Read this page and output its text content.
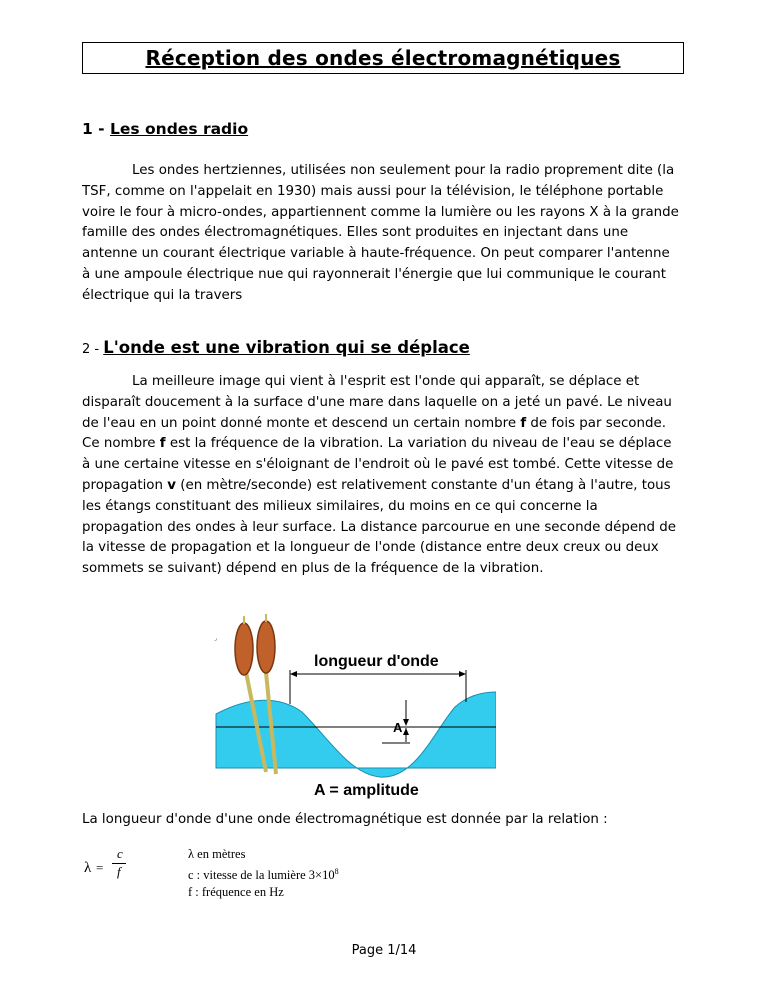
Réception des ondes électromagnétiques
1 - Les ondes radio

Les ondes hertziennes, utilisées non seulement pour la radio proprement dite (la TSF, comme on l'appelait en 1930) mais aussi pour la télévision, le téléphone portable voire le four à micro-ondes, appartiennent comme la lumière ou les rayons X à la grande famille des ondes électromagnétiques. Elles sont produites en injectant dans une antenne un courant électrique variable à haute-fréquence. On peut comparer l'antenne à une ampoule électrique nue qui rayonnerait l'énergie que lui communique le courant électrique qui la travers

2 - L'onde est une vibration qui se déplace

La meilleure image qui vient à l'esprit est l'onde qui apparaît, se déplace et disparaît doucement à la surface d'une mare dans laquelle on a jeté un pavé. Le niveau de l'eau en un point donné monte et descend un certain nombre f de fois par seconde. Ce nombre f est la fréquence de la vibration. La variation du niveau de l'eau se déplace à une certaine vitesse en s'éloignant de l'endroit où le pavé est tombé. Cette vitesse de propagation v (en mètre/seconde) est relativement constante d'un étang à l'autre, tous les étangs constituant des milieux similaires, du moins en ce qui concerne la propagation des ondes à leur surface. La distance parcourue en une seconde dépend de la vitesse de propagation et la longueur de l'onde (distance entre deux creux ou deux sommets se suivant) dépend en plus de la fréquence de la vibration.

⌟
longueur d'onde
A
A = amplitude
La longueur d'onde d'une onde électromagnétique est donnée par la relation :
λ =
c
f
λ en mètres
c : vitesse de la lumière $3\times 10^8$
f : fréquence en Hz
Page 1/14
